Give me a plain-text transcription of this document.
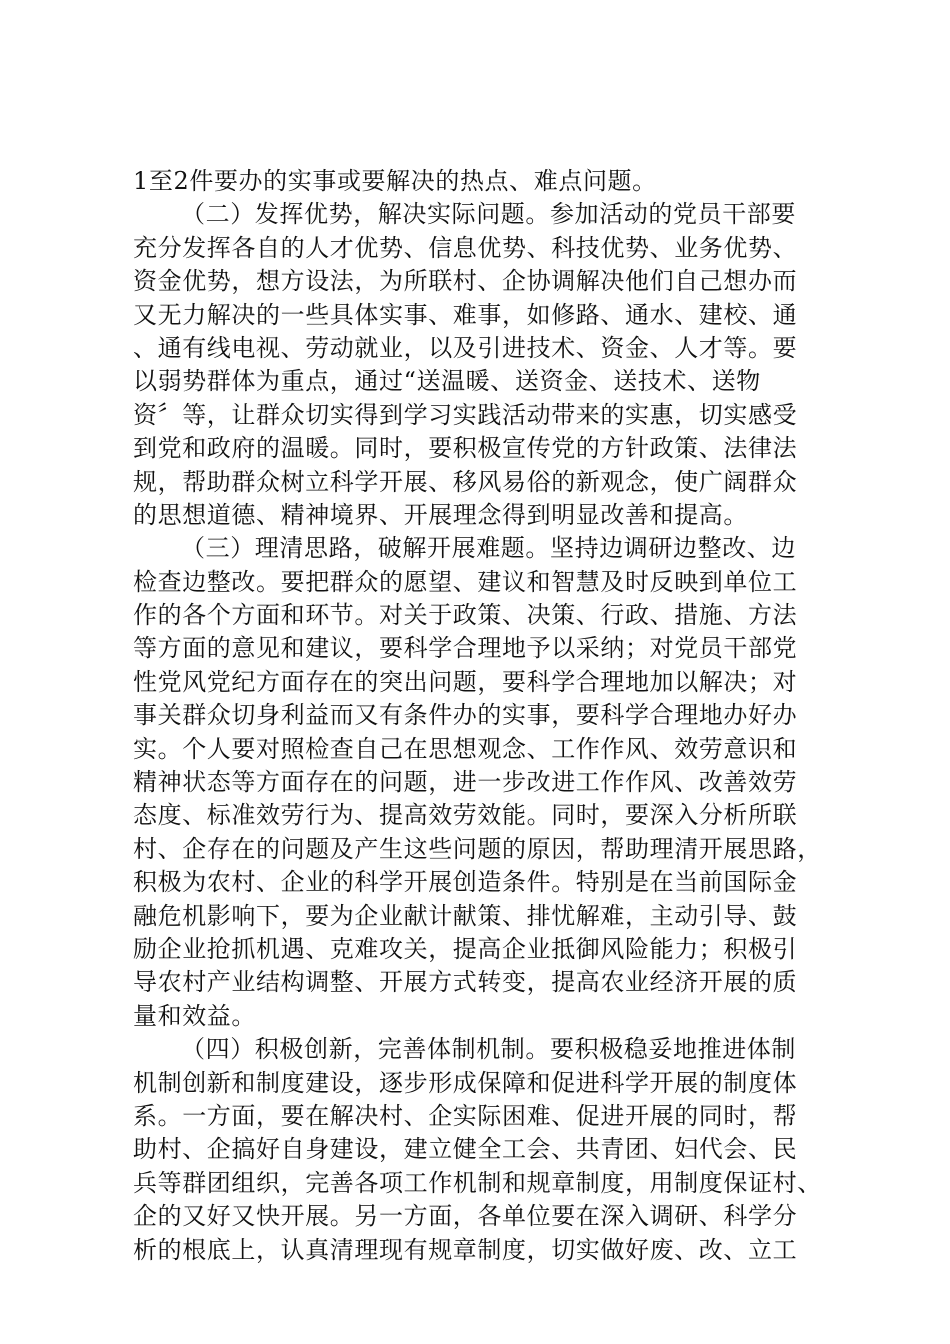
1至2件要办的实事或要解决的热点、难点问题。
（二）发挥优势，解决实际问题。参加活动的党员干部要
充分发挥各自的人才优势、信息优势、科技优势、业务优势、
资金优势，想方设法，为所联村、企协调解决他们自己想办而
又无力解决的一些具体实事、难事，如修路、通水、建校、通
、通有线电视、劳动就业，以及引进技术、资金、人才等。要
以弱势群体为重点，通过“送温暖、送资金、送技术、送物
资〞等，让群众切实得到学习实践活动带来的实惠，切实感受
到党和政府的温暖。同时，要积极宣传党的方针政策、法律法
规，帮助群众树立科学开展、移风易俗的新观念，使广阔群众
的思想道德、精神境界、开展理念得到明显改善和提高。
（三）理清思路，破解开展难题。坚持边调研边整改、边
检查边整改。要把群众的愿望、建议和智慧及时反映到单位工
作的各个方面和环节。对关于政策、决策、行政、措施、方法
等方面的意见和建议，要科学合理地予以采纳；对党员干部党
性党风党纪方面存在的突出问题，要科学合理地加以解决；对
事关群众切身利益而又有条件办的实事，要科学合理地办好办
实。个人要对照检查自己在思想观念、工作作风、效劳意识和
精神状态等方面存在的问题，进一步改进工作作风、改善效劳
态度、标准效劳行为、提高效劳效能。同时，要深入分析所联
村、企存在的问题及产生这些问题的原因，帮助理清开展思路，
积极为农村、企业的科学开展创造条件。特别是在当前国际金
融危机影响下，要为企业献计献策、排忧解难，主动引导、鼓
励企业抢抓机遇、克难攻关，提高企业抵御风险能力；积极引
导农村产业结构调整、开展方式转变，提高农业经济开展的质
量和效益。
（四）积极创新，完善体制机制。要积极稳妥地推进体制
机制创新和制度建设，逐步形成保障和促进科学开展的制度体
系。一方面，要在解决村、企实际困难、促进开展的同时，帮
助村、企搞好自身建设，建立健全工会、共青团、妇代会、民
兵等群团组织，完善各项工作机制和规章制度，用制度保证村、
企的又好又快开展。另一方面，各单位要在深入调研、科学分
析的根底上，认真清理现有规章制度，切实做好废、改、立工
